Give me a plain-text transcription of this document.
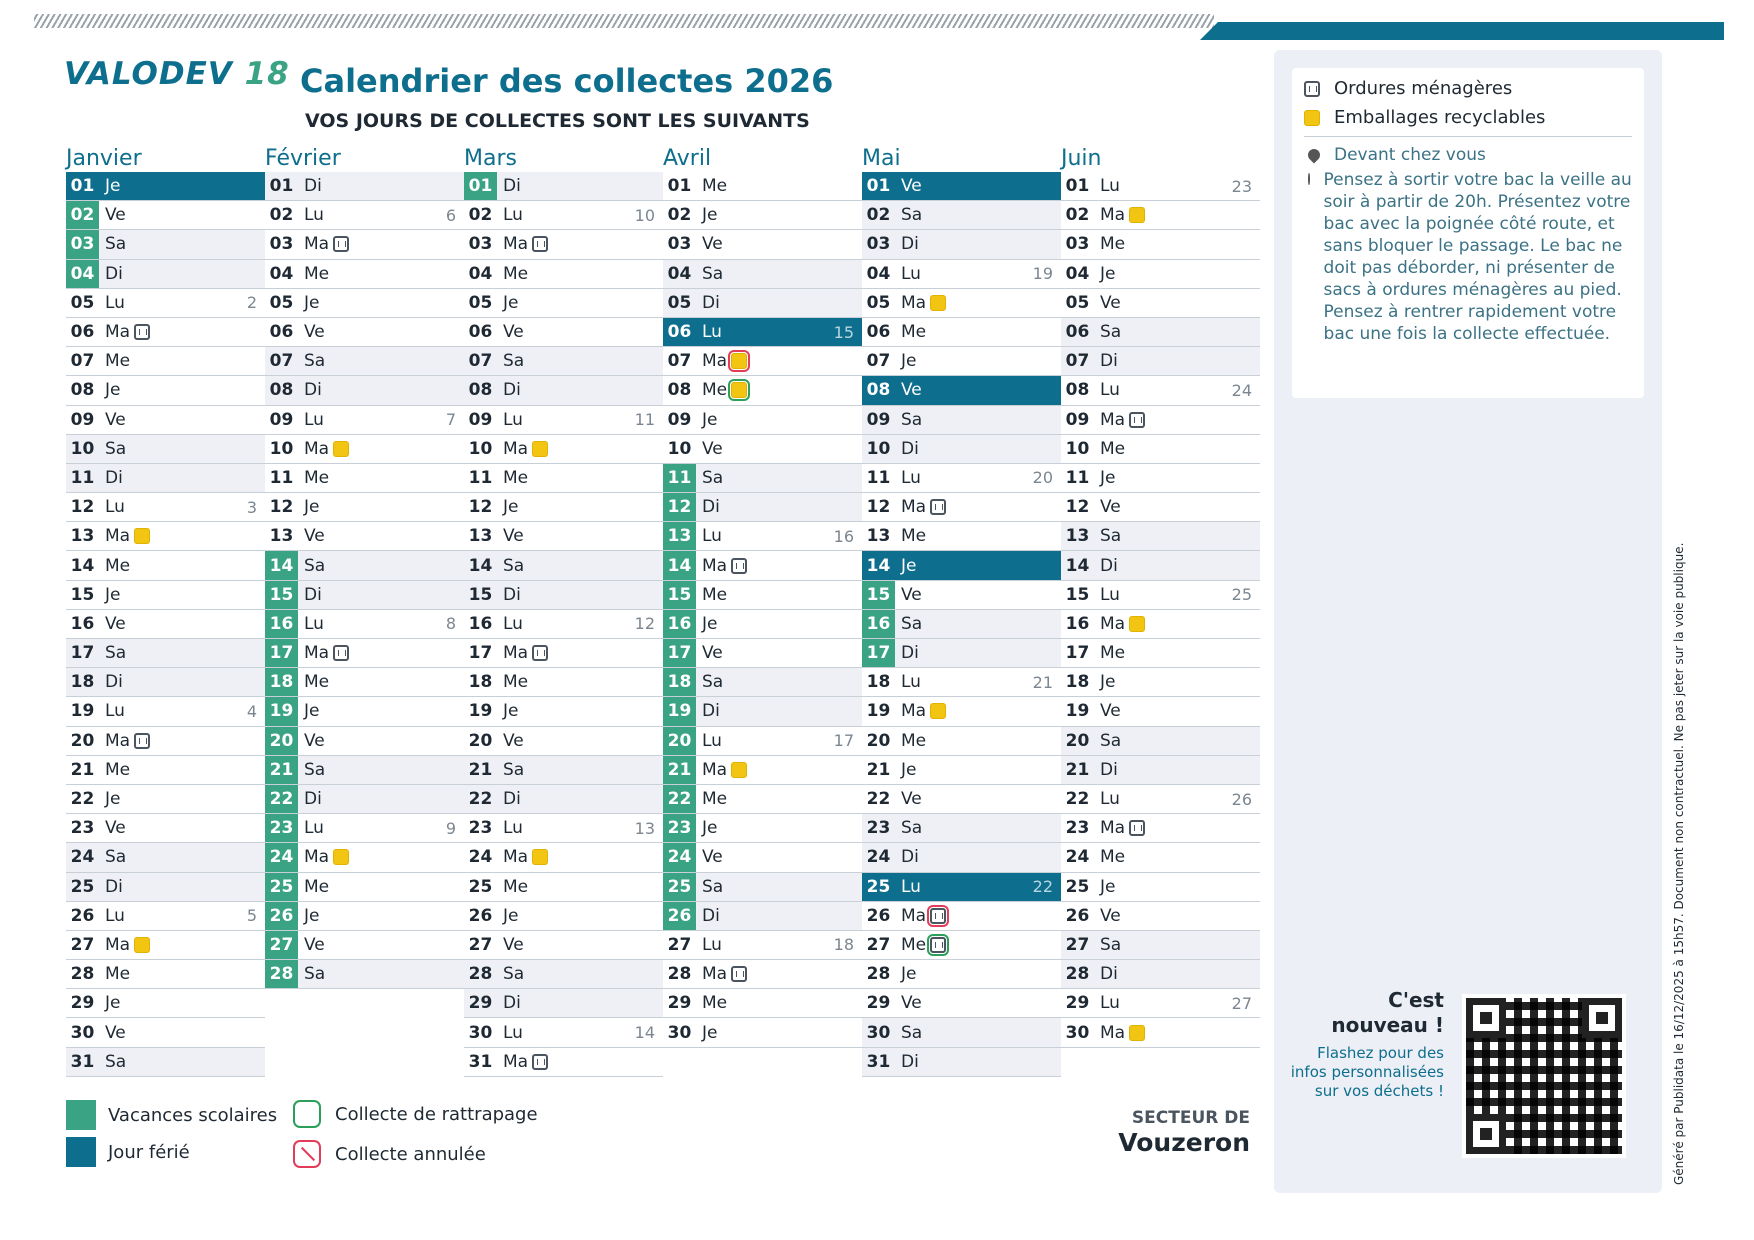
VALODEV 18 Calendrier des collectes 2026
VOS JOURS DE COLLECTES SONT LES SUIVANTS
Janvier
01 Je
02 Ve
03 Sa
04 Di
05 Lu	2
06 Ma
07 Me
08 Je
09 Ve
10 Sa
11 Di
12 Lu	3
13 Ma
14 Me
15 Je
16 Ve
17 Sa
18 Di
19 Lu	4
20 Ma
21 Me
22 Je
23 Ve
24 Sa
25 Di
26 Lu	5
27 Ma
28 Me
29 Je
30 Ve
31 Sa
Février
01 Di
02 Lu	6
03 Ma
04 Me
05 Je
06 Ve
07 Sa
08 Di
09 Lu	7
10 Ma
11 Me
12 Je
13 Ve
14 Sa
15 Di
16 Lu	8
17 Ma
18 Me
19 Je
20 Ve
21 Sa
22 Di
23 Lu	9
24 Ma
25 Me
26 Je
27 Ve
28 Sa
Mars
01 Di
02 Lu	10
03 Ma
04 Me
05 Je
06 Ve
07 Sa
08 Di
09 Lu	11
10 Ma
11 Me
12 Je
13 Ve
14 Sa
15 Di
16 Lu	12
17 Ma
18 Me
19 Je
20 Ve
21 Sa
22 Di
23 Lu	13
24 Ma
25 Me
26 Je
27 Ve
28 Sa
29 Di
30 Lu	14
31 Ma
Avril
01 Me
02 Je
03 Ve
04 Sa
05 Di
06 Lu	15
07 Ma
08 Me
09 Je
10 Ve
11 Sa
12 Di
13 Lu	16
14 Ma
15 Me
16 Je
17 Ve
18 Sa
19 Di
20 Lu	17
21 Ma
22 Me
23 Je
24 Ve
25 Sa
26 Di
27 Lu	18
28 Ma
29 Me
30 Je
Mai
01 Ve
02 Sa
03 Di
04 Lu	19
05 Ma
06 Me
07 Je
08 Ve
09 Sa
10 Di
11 Lu	20
12 Ma
13 Me
14 Je
15 Ve
16 Sa
17 Di
18 Lu	21
19 Ma
20 Me
21 Je
22 Ve
23 Sa
24 Di
25 Lu	22
26 Ma
27 Me
28 Je
29 Ve
30 Sa
31 Di
Juin
01 Lu	23
02 Ma
03 Me
04 Je
05 Ve
06 Sa
07 Di
08 Lu	24
09 Ma
10 Me
11 Je
12 Ve
13 Sa
14 Di
15 Lu	25
16 Ma
17 Me
18 Je
19 Ve
20 Sa
21 Di
22 Lu	26
23 Ma
24 Me
25 Je
26 Ve
27 Sa
28 Di
29 Lu	27
30 Ma
Ordures ménagères
Emballages recyclables
Devant chez vous
Pensez à sortir votre bac la veille au soir à partir de 20h. Présentez votre bac avec la poignée côté route, et sans bloquer le passage. Le bac ne doit pas déborder, ni présenter de sacs à ordures ménagères au pied. Pensez à rentrer rapidement votre bac une fois la collecte effectuée.
C'est
nouveau !
Flashez pour des infos personnalisées sur vos déchets !	Généré par Publidata le 16/12/2025 à 15h57. Document non contractuel. Ne pas jeter sur la voie publique.
Vacances scolaires
Jour férié
Collecte de rattrapage
Collecte annulée
SECTEUR DE
Vouzeron
